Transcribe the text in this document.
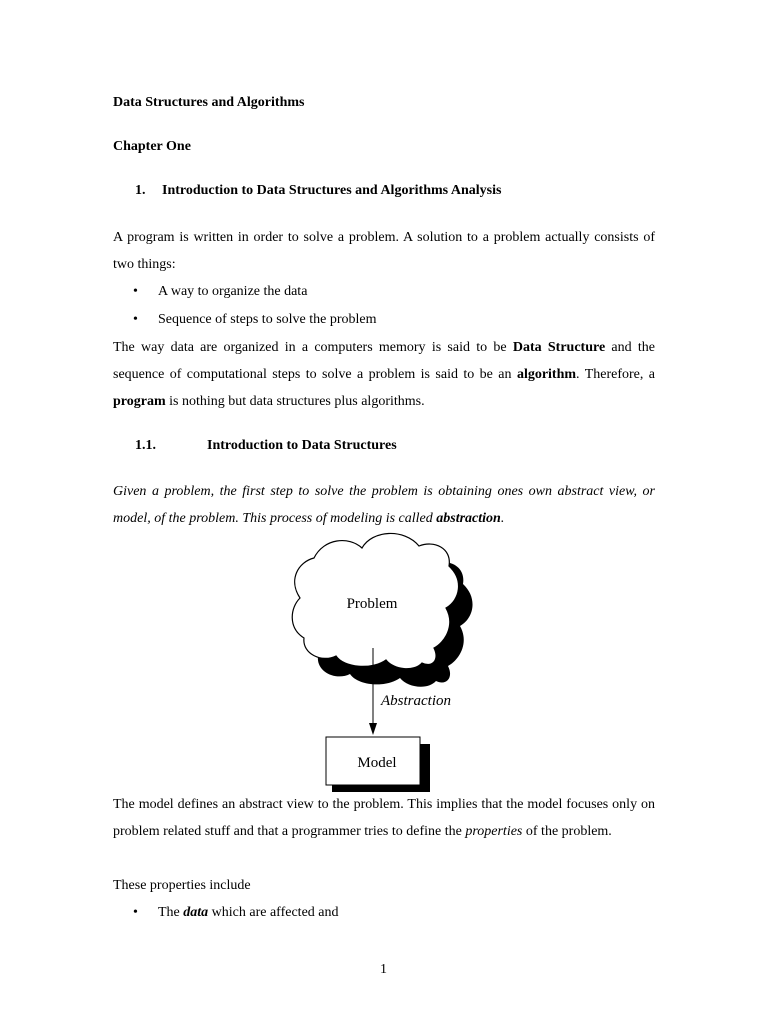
Data Structures and Algorithms
Chapter One
1. Introduction to Data Structures and Algorithms Analysis
A program is written in order to solve a problem. A solution to a problem actually consists of two things:
• A way to organize the data
• Sequence of steps to solve the problem
The way data are organized in a computers memory is said to be Data Structure and the sequence of computational steps to solve a problem is said to be an algorithm. Therefore, a program is nothing but data structures plus algorithms.
1.1.	Introduction to Data Structures
Given a problem, the first step to solve the problem is obtaining ones own abstract view, or model, of the problem. This process of modeling is called abstraction.
Problem
Abstraction
Model
The model defines an abstract view to the problem. This implies that the model focuses only on problem related stuff and that a programmer tries to define the properties of the problem.
These properties include
• The data which are affected and
1
